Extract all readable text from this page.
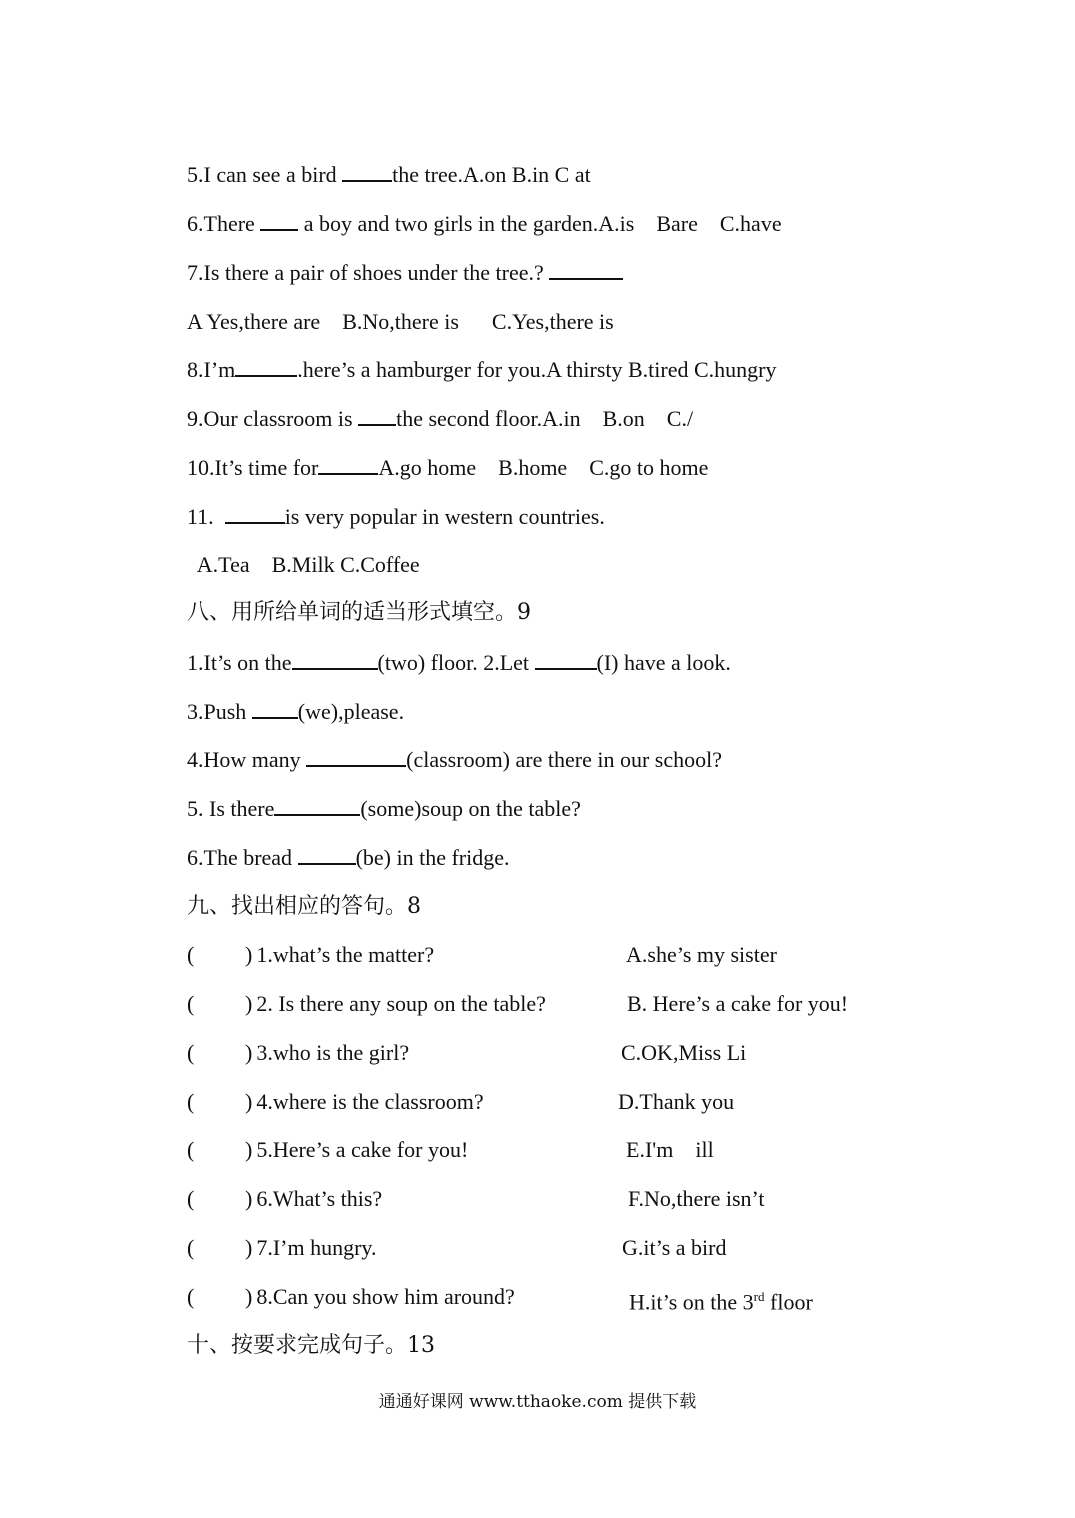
5.I can see a bird the tree.A.on B.in C at
6.There  a boy and two girls in the garden.A.is    Bare    C.have
7.Is there a pair of shoes under the tree.?
A Yes,there are    B.No,there is      C.Yes,there is
8.I’m	.here’s a hamburger for you.A thirsty B.tired C.hungry
9.Our classroom is the second floor.A.in    B.on    C./
10.It’s time for	A.go home    B.home    C.go to home
11.	is very popular in western countries.
A.Tea    B.Milk C.Coffee
八、用所给单词的适当形式填空。9
1.It’s on the	(two) floor. 2.Let	(I) have a look.
3.Push (we),please.
4.How many	(classroom) are there in our school?
5. Is there	(some)soup on the table?
6.The bread	(be) in the fridge.
九、找出相应的答句。8
( ) 1.what’s the matter?	A.she’s my sister
( ) 2. Is there any soup on the table?	B. Here’s a cake for you!
( ) 3.who is the girl?	C.OK,Miss Li
( ) 4.where is the classroom?	D.Thank you
( ) 5.Here’s a cake for you!	E.I'm    ill
( ) 6.What’s this?	F.No,there isn’t
( ) 7.I’m hungry.	G.it’s a bird
( ) 8.Can you show him around?	H.it’s on the 3rd floor
十、按要求完成句子。13
通通好课网 www.tthaoke.com 提供下载
